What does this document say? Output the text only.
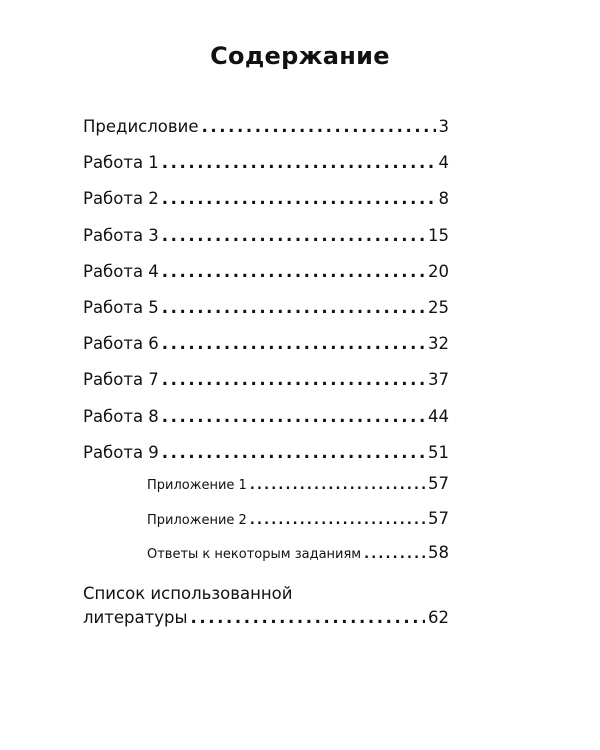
Содержание
Предисловие .....	3
Работа 1 .....	4
Работа 2 .....	8
Работа 3 .....	15
Работа 4 .....	20
Работа 5 .....	25
Работа 6 .....	32
Работа 7 .....	37
Работа 8 .....	44
Работа 9 .....	51
Приложение 1 .....	57
Приложение 2 .....	57
Ответы к некоторым заданиям .....	58
Список использованной
литературы .....	62
